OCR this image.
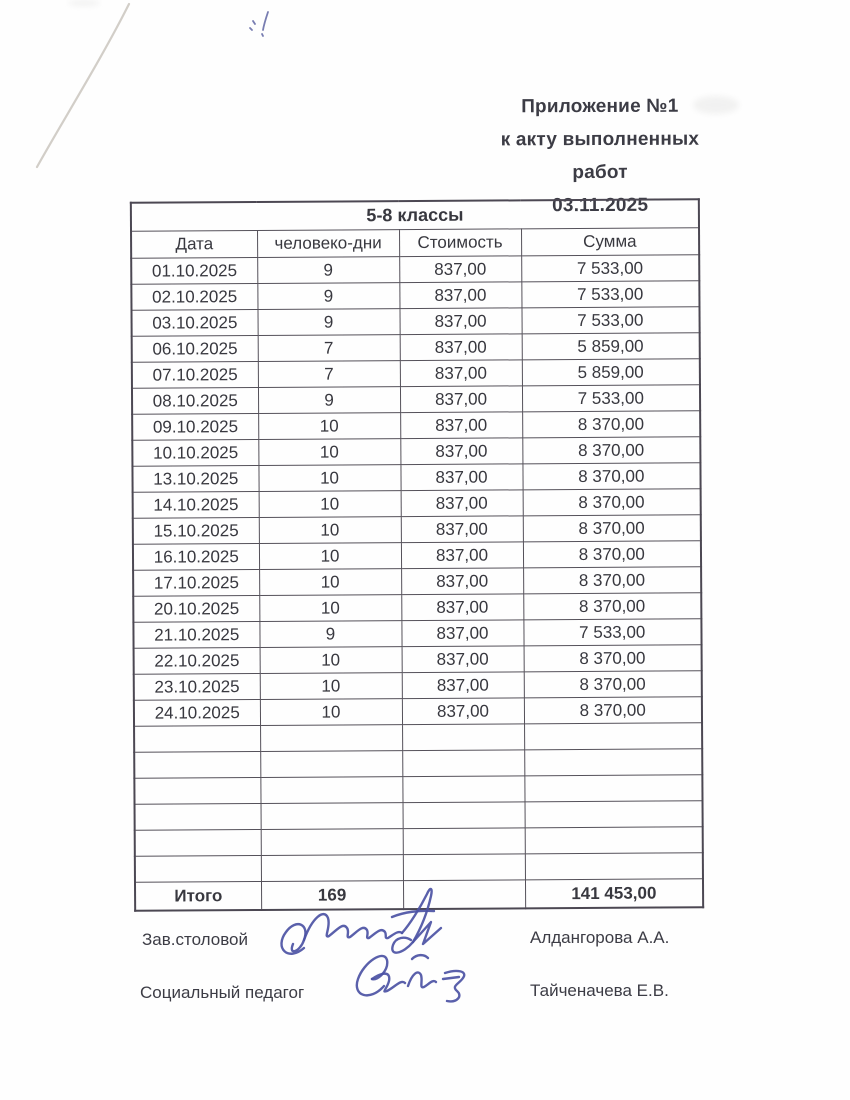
Приложение №1
к акту выполненных работ
03.11.2025
5-8 классы			
Дата	человеко-дни	Стоимость	Сумма
01.10.2025	9	837,00	7 533,00
02.10.2025	9	837,00	7 533,00
03.10.2025	9	837,00	7 533,00
06.10.2025	7	837,00	5 859,00
07.10.2025	7	837,00	5 859,00
08.10.2025	9	837,00	7 533,00
09.10.2025	10	837,00	8 370,00
10.10.2025	10	837,00	8 370,00
13.10.2025	10	837,00	8 370,00
14.10.2025	10	837,00	8 370,00
15.10.2025	10	837,00	8 370,00
16.10.2025	10	837,00	8 370,00
17.10.2025	10	837,00	8 370,00
20.10.2025	10	837,00	8 370,00
21.10.2025	9	837,00	7 533,00
22.10.2025	10	837,00	8 370,00
23.10.2025	10	837,00	8 370,00
24.10.2025	10	837,00	8 370,00

Итого	169		141 453,00
Зав.столовой	Алдангорова А.А.
Социальный педагог	Тайченачева Е.В.
